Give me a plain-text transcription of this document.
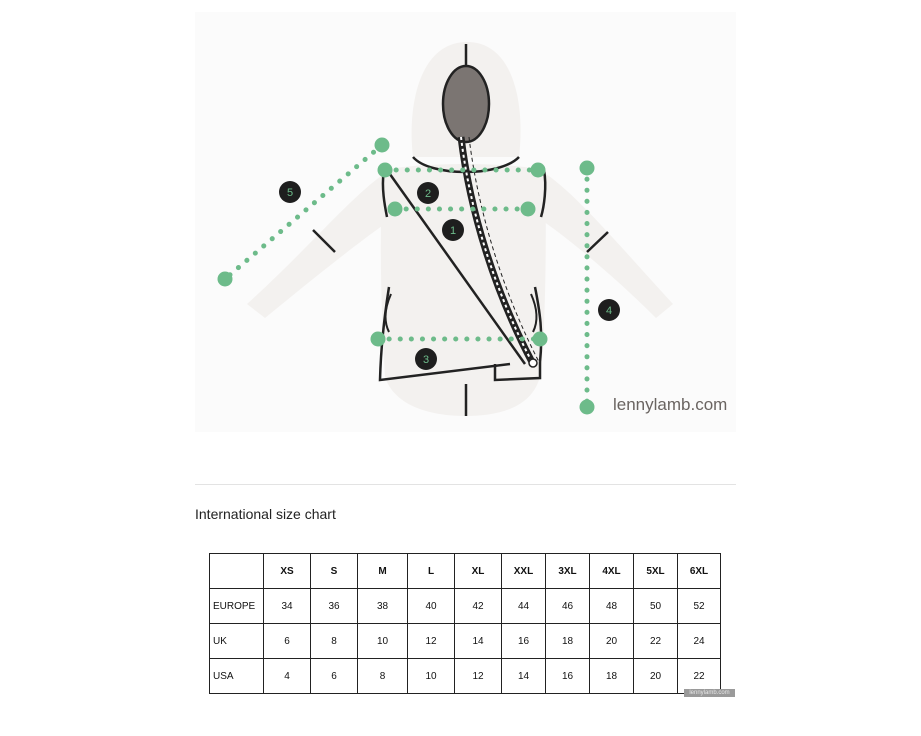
1
2
3
4
5
lennylamb.com
International size chart
	XS	S	M	L	XL	XXL	3XL	4XL	5XL	6XL
EUROPE	34	36	38	40	42	44	46	48	50	52
UK	6	8	10	12	14	16	18	20	22	24
USA	4	6	8	10	12	14	16	18	20	22
lennylamb.com
